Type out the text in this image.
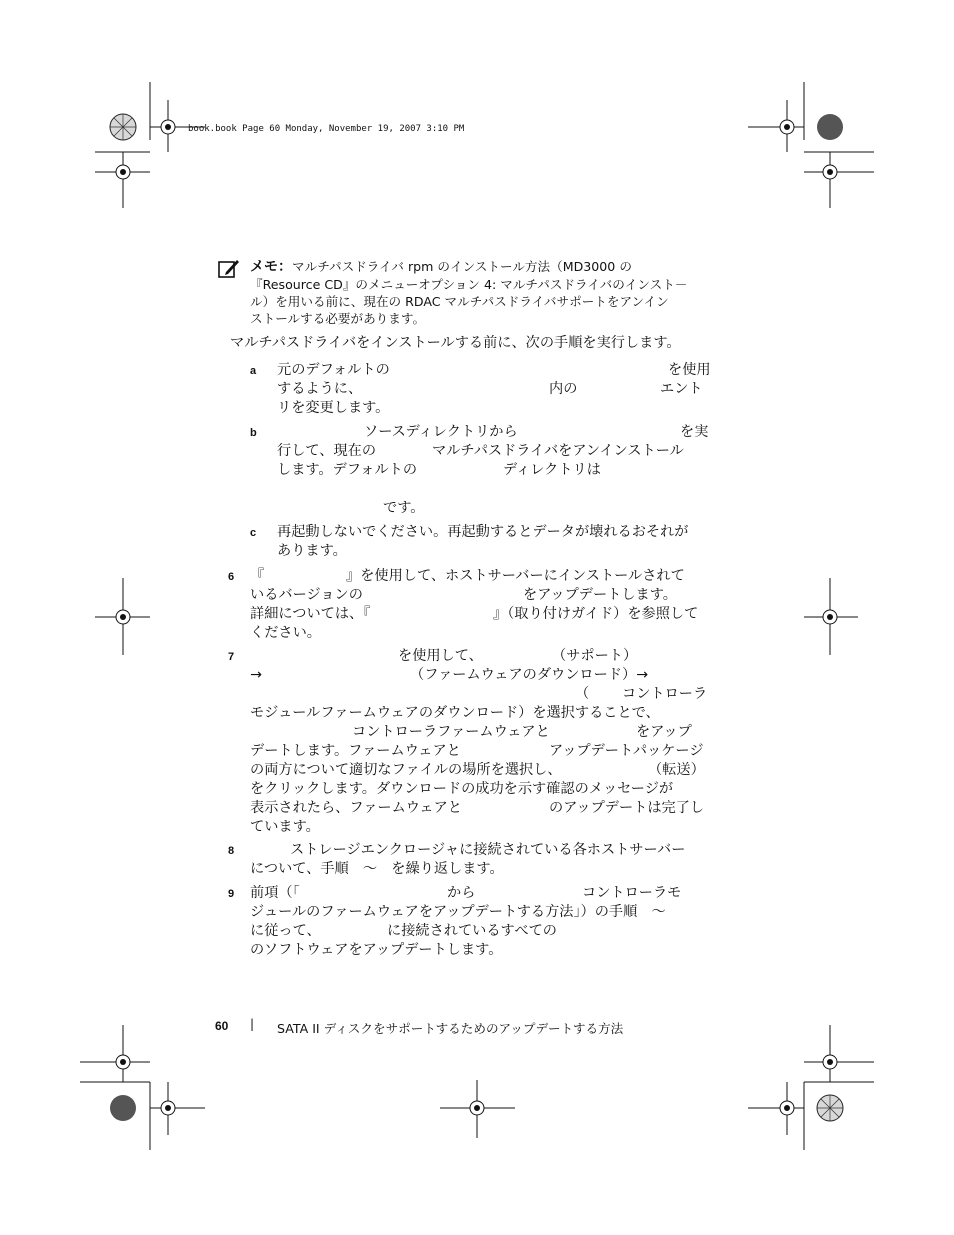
book.book Page 60 Monday, November 19, 2007 3:10 PM
メモ：マルチパスドライバ rpm のインストール方法（MD3000 の
『Resource CD』のメニューオプション 4: マルチパスドライバのインスト－
ル）を用いる前に、現在の RDAC マルチパスドライバサポートをアンイン
ストールする必要があります。
マルチパスドライバをインストールする前に、次の手順を実行します。
a 元のデフォルトの	を使用
するように、	内の	エント
リを変更します。
b	ソースディレクトリから	を実
行して、現在の	マルチパスドライバをアンインストール
します。デフォルトの	ディレクトリは
です。
c 再起動しないでください。再起動するとデータが壊れるおそれが
あります。
6 『	』を使用して、ホストサーバーにインストールされて
いるバージョンの	をアップデートします。
詳細については、『	』（取り付けガイド）を参照して
ください。
7	を使用して、	（サポート）
→	（ファームウェアのダウンロード）→
（ コントローラ
モジュールファームウェアのダウンロード）を選択することで、
コントローラファームウェアと	をアップ
デートします。ファームウェアと	アップデートパッケージ
の両方について適切なファイルの場所を選択し、	（転送）
をクリックします。ダウンロードの成功を示す確認のメッセージが
表示されたら、ファームウェアと	のアップデートは完了し
ています。
8	ストレージエンクロージャに接続されている各ホストサーバー
について、手順　～　を繰り返します。
9 前項（「	から	コントローラモ
ジュールのファームウェアをアップデートする方法」）の手順　～
に従って、	に接続されているすべての
のソフトウェアをアップデートします。
60 | SATA II ディスクをサポートするためのアップデートする方法
